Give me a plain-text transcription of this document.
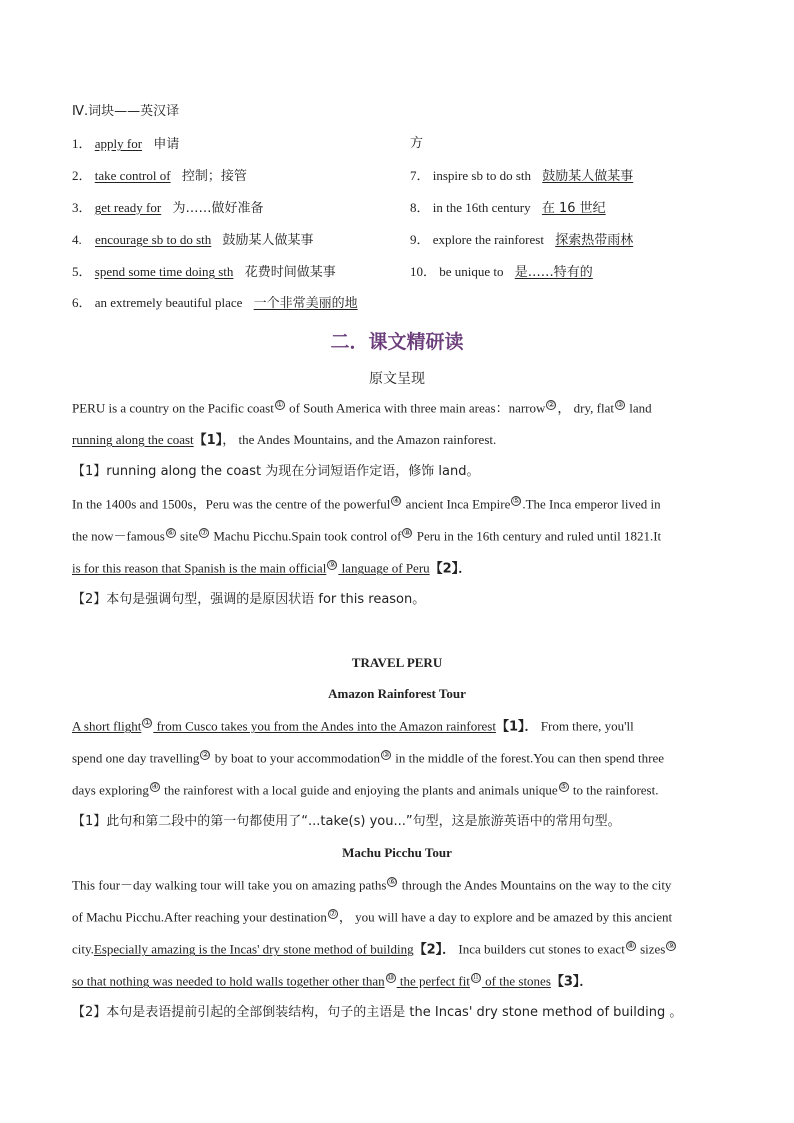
Ⅳ.词块——英汉译
1． apply for 申请	方
2． take control of 控制；接管	7． inspire sb to do sth 鼓励某人做某事
3． get ready for 为……做好准备	8． in the 16th century 在 16 世纪
4. encourage sb to do sth 鼓励某人做某事	9． explore the rainforest 探索热带雨林
5． spend some time doing sth 花费时间做某事	10． be unique to 是……特有的
6． an extremely beautiful place 一个非常美丽的地
二．课文精研读
原文呈现
PERU is a country on the Pacific coast ① of South America with three main areas：narrow ② ， dry, flat ③ land
running along the coast【1】， the Andes Mountains, and the Amazon rainforest.
【1】running along the coast 为现在分词短语作定语，修饰 land。
In the 1400s and 1500s，Peru was the centre of the powerful ④ ancient Inca Empire ⑤ .The Inca emperor lived in
the now－famous ⑥ site ⑦ Machu Picchu.Spain took control of ⑧ Peru in the 16th century and ruled until 1821.It
is for this reason that Spanish is the main official ⑨ language of Peru【2】．
【2】本句是强调句型，强调的是原因状语 for this reason。
TRAVEL PERU
Amazon Rainforest Tour
A short flight ① from Cusco takes you from the Andes into the Amazon rainforest【1】． From there, you'll
spend one day travelling ② by boat to your accommodation ③ in the middle of the forest.You can then spend three
days exploring ④ the rainforest with a local guide and enjoying the plants and animals unique ⑤ to the rainforest.
【1】此句和第二段中的第一句都使用了“...take(s) you...”句型，这是旅游英语中的常用句型。
Machu Picchu Tour
This four－day walking tour will take you on amazing paths ⑥ through the Andes Mountains on the way to the city
of Machu Picchu.After reaching your destination ⑦ ， you will have a day to explore and be amazed by this ancient
city.Especially amazing is the Incas' dry stone method of building【2】． Inca builders cut stones to exact ⑧ sizes ⑨
so that nothing was needed to hold walls together other than ⑩ the perfect fit ⑪ of the stones【3】．
【2】本句是表语提前引起的全部倒装结构，句子的主语是 the Incas' dry stone method of building 。
